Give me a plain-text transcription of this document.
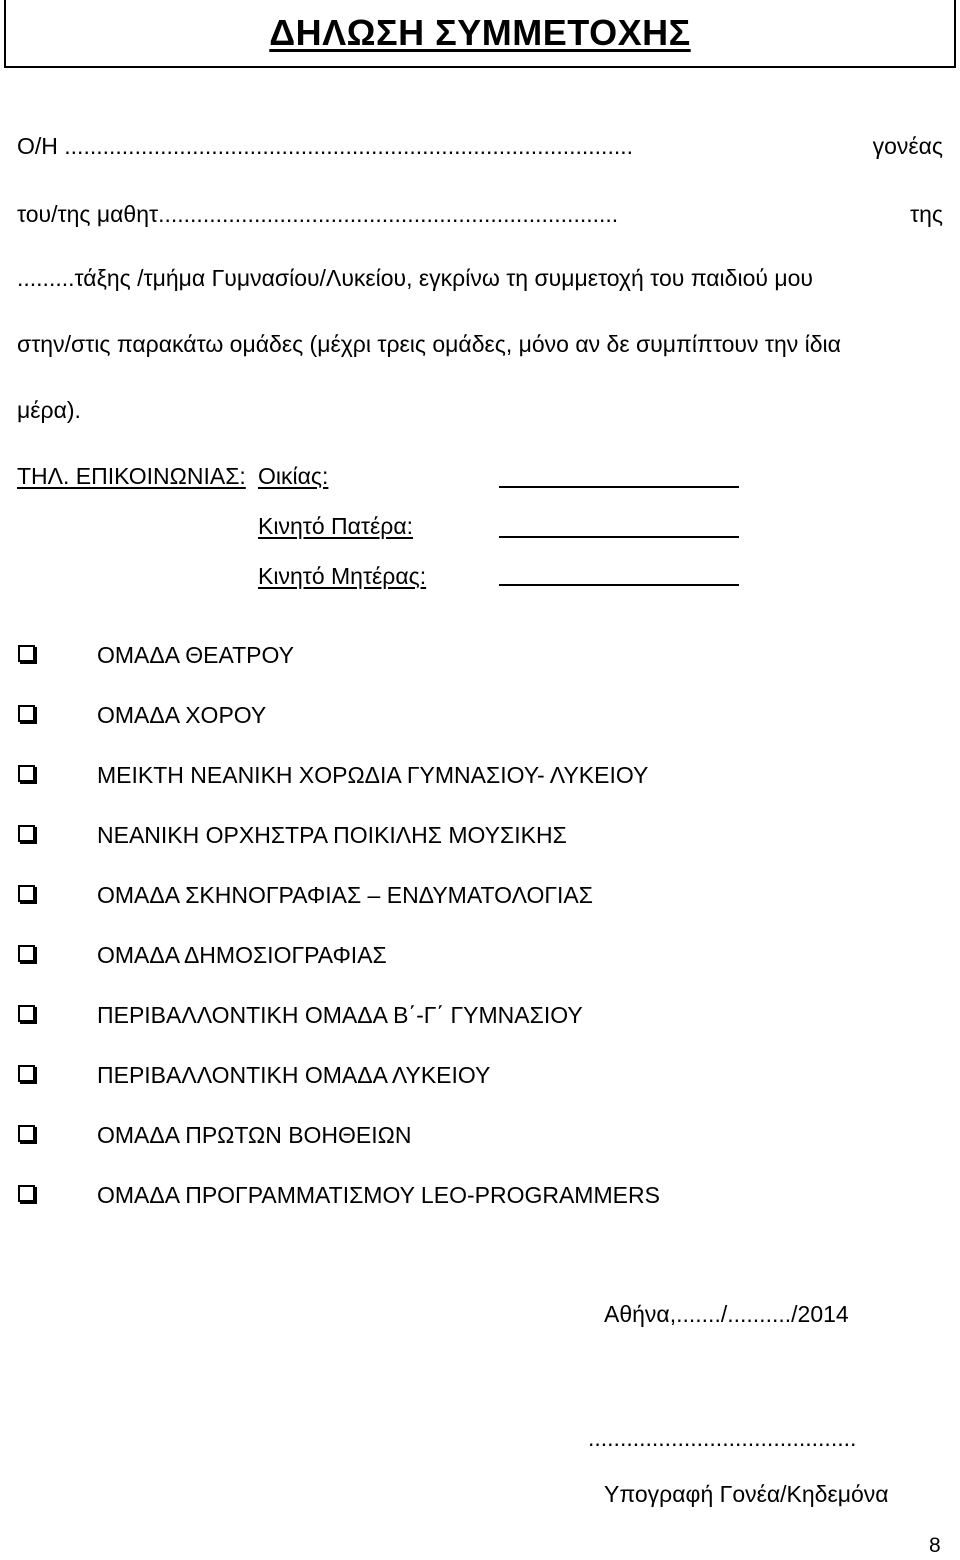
ΔΗΛΩΣΗ ΣΥΜΜΕΤΟΧΗΣ
Ο/Η .........................................................................................	γονέας
του/της μαθητ........................................................................	της
.........τάξης /τμήμα Γυμνασίου/Λυκείου, εγκρίνω τη συμμετοχή του παιδιού μου
στην/στις παρακάτω ομάδες (μέχρι τρεις ομάδες, μόνο αν δε συμπίπτουν την ίδια
μέρα).
ΤΗΛ. ΕΠΙΚΟΙΝΩΝΙΑΣ: Οικίας:
Κινητό Πατέρα:
Κινητό Μητέρας:
ΟΜΑΔΑ ΘΕΑΤΡΟΥ
ΟΜΑΔΑ ΧΟΡΟΥ
ΜΕΙΚΤΗ ΝΕΑΝΙΚΗ ΧΟΡΩΔΙΑ ΓΥΜΝΑΣΙΟΥ- ΛΥΚΕΙΟΥ
ΝΕΑΝΙΚΗ ΟΡΧΗΣΤΡΑ ΠΟΙΚΙΛΗΣ ΜΟΥΣΙΚΗΣ
ΟΜΑΔΑ ΣΚΗΝΟΓΡΑΦΙΑΣ – ΕΝΔΥΜΑΤΟΛΟΓΙΑΣ
ΟΜΑΔΑ ΔΗΜΟΣΙΟΓΡΑΦΙΑΣ
ΠΕΡΙΒΑΛΛΟΝΤΙΚΗ ΟΜΑΔΑ Β΄-Γ΄ ΓΥΜΝΑΣΙΟΥ
ΠΕΡΙΒΑΛΛΟΝΤΙΚΗ ΟΜΑΔΑ ΛΥΚΕΙΟΥ
ΟΜΑΔΑ ΠΡΩΤΩΝ ΒΟΗΘΕΙΩΝ
ΟΜΑΔΑ ΠΡΟΓΡΑΜΜΑΤΙΣΜΟΥ LEO-PROGRAMMERS
Αθήνα,......./........../2014
..........................................
Υπογραφή Γονέα/Κηδεμόνα
8
